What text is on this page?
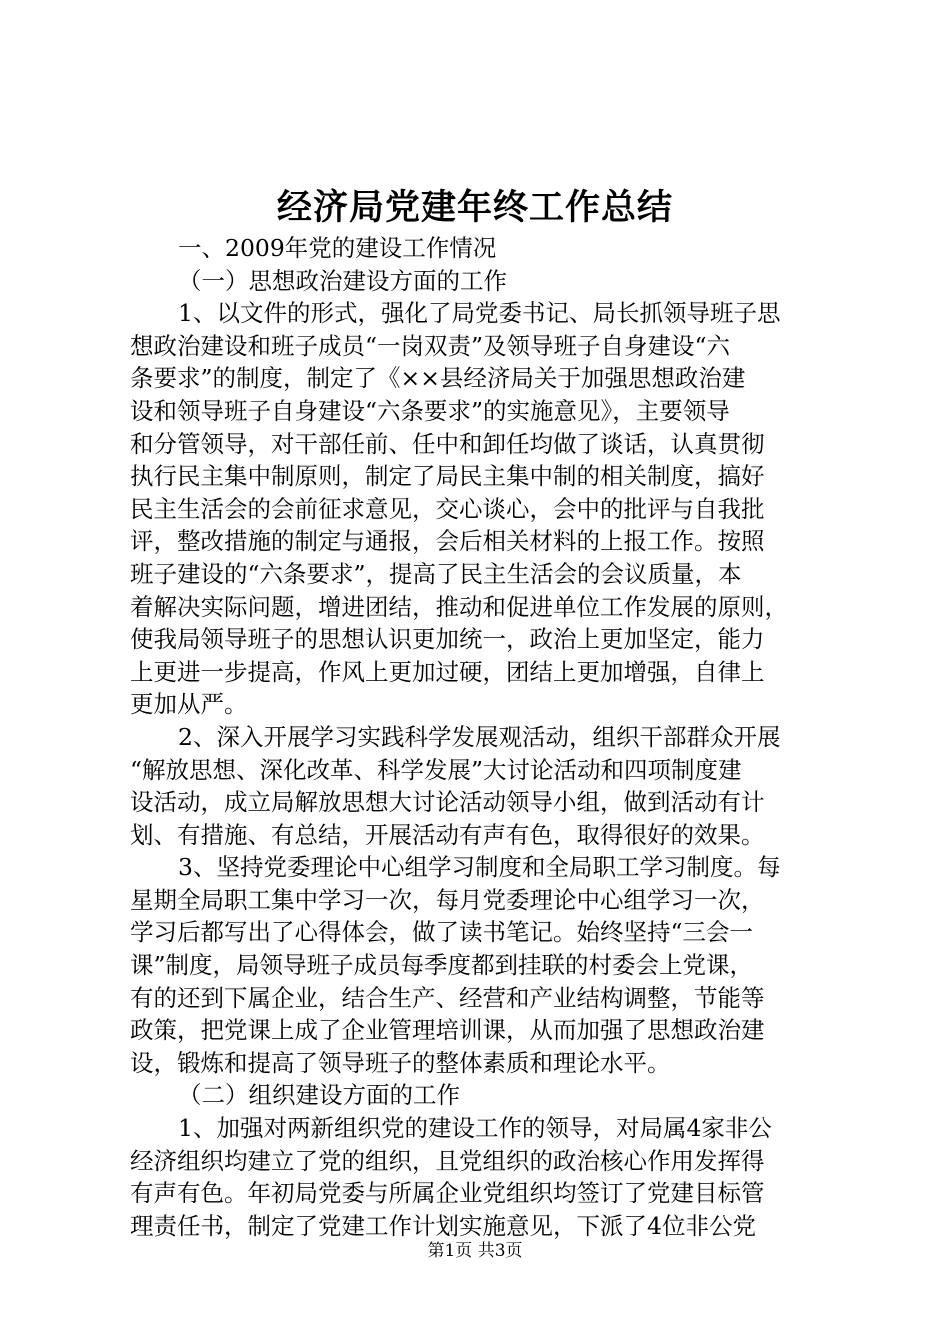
经济局党建年终工作总结
一、2009年党的建设工作情况
（一）思想政治建设方面的工作
1、以文件的形式，强化了局党委书记、局长抓领导班子思
想政治建设和班子成员“一岗双责”及领导班子自身建设“六
条要求”的制度，制定了《××县经济局关于加强思想政治建
设和领导班子自身建设“六条要求”的实施意见》，主要领导
和分管领导，对干部任前、任中和卸任均做了谈话，认真贯彻
执行民主集中制原则，制定了局民主集中制的相关制度，搞好
民主生活会的会前征求意见，交心谈心，会中的批评与自我批
评，整改措施的制定与通报，会后相关材料的上报工作。按照
班子建设的“六条要求”，提高了民主生活会的会议质量，本
着解决实际问题，增进团结，推动和促进单位工作发展的原则，
使我局领导班子的思想认识更加统一，政治上更加坚定，能力
上更进一步提高，作风上更加过硬，团结上更加增强，自律上
更加从严。
2、深入开展学习实践科学发展观活动，组织干部群众开展
“解放思想、深化改革、科学发展”大讨论活动和四项制度建
设活动，成立局解放思想大讨论活动领导小组，做到活动有计
划、有措施、有总结，开展活动有声有色，取得很好的效果。
3、坚持党委理论中心组学习制度和全局职工学习制度。每
星期全局职工集中学习一次，每月党委理论中心组学习一次，
学习后都写出了心得体会，做了读书笔记。始终坚持“三会一
课”制度，局领导班子成员每季度都到挂联的村委会上党课，
有的还到下属企业，结合生产、经营和产业结构调整，节能等
政策，把党课上成了企业管理培训课，从而加强了思想政治建
设，锻炼和提高了领导班子的整体素质和理论水平。
（二）组织建设方面的工作
1、加强对两新组织党的建设工作的领导，对局属4家非公
经济组织均建立了党的组织，且党组织的政治核心作用发挥得
有声有色。年初局党委与所属企业党组织均签订了党建目标管
理责任书，制定了党建工作计划实施意见，下派了4位非公党
第1页 共3页
